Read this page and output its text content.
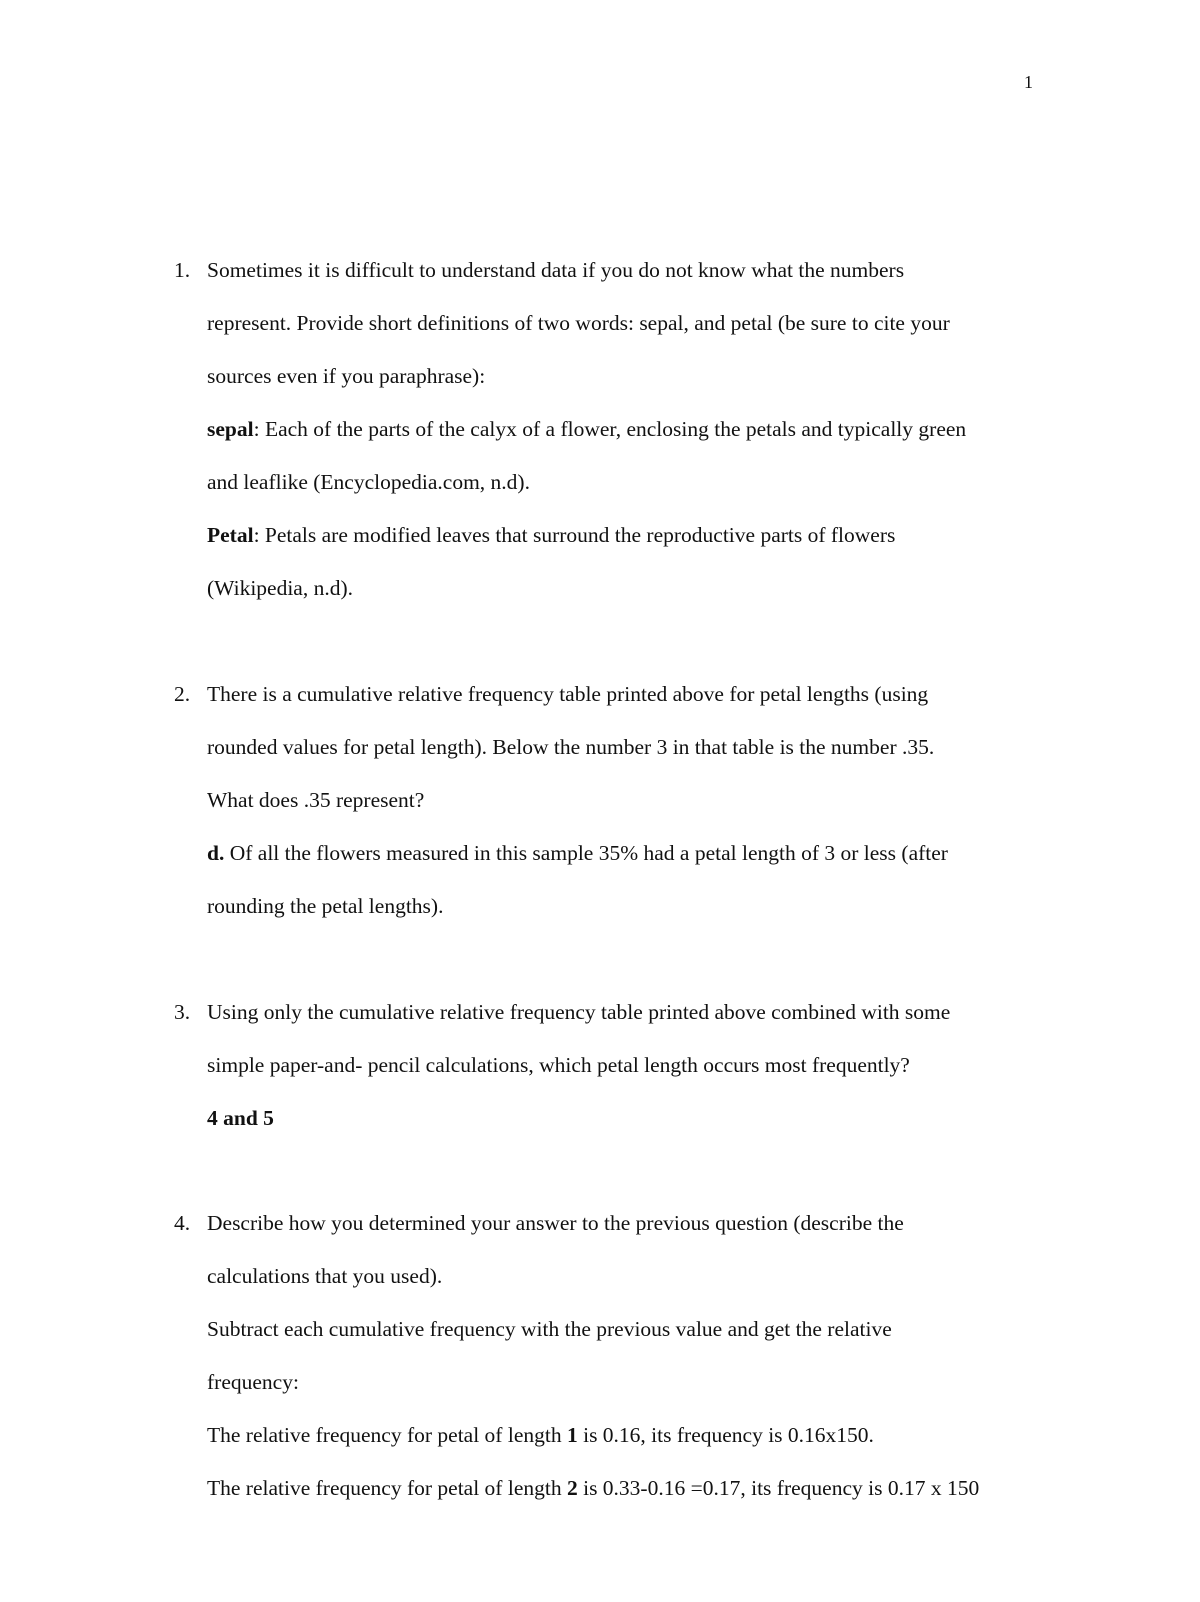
1
1. Sometimes it is difficult to understand data if you do not know what the numbers
represent. Provide short definitions of two words: sepal, and petal (be sure to cite your
sources even if you paraphrase):
sepal: Each of the parts of the calyx of a flower, enclosing the petals and typically green
and leaflike (Encyclopedia.com, n.d).
Petal: Petals are modified leaves that surround the reproductive parts of flowers
(Wikipedia, n.d).
2. There is a cumulative relative frequency table printed above for petal lengths (using
rounded values for petal length). Below the number 3 in that table is the number .35.
What does .35 represent?
d. Of all the flowers measured in this sample 35% had a petal length of 3 or less (after
rounding the petal lengths).
3. Using only the cumulative relative frequency table printed above combined with some
simple paper-and- pencil calculations, which petal length occurs most frequently?
4 and 5
4. Describe how you determined your answer to the previous question (describe the
calculations that you used).
Subtract each cumulative frequency with the previous value and get the relative
frequency:
The relative frequency for petal of length 1 is 0.16, its frequency is 0.16x150.
The relative frequency for petal of length 2 is 0.33-0.16 =0.17, its frequency is 0.17 x 150
